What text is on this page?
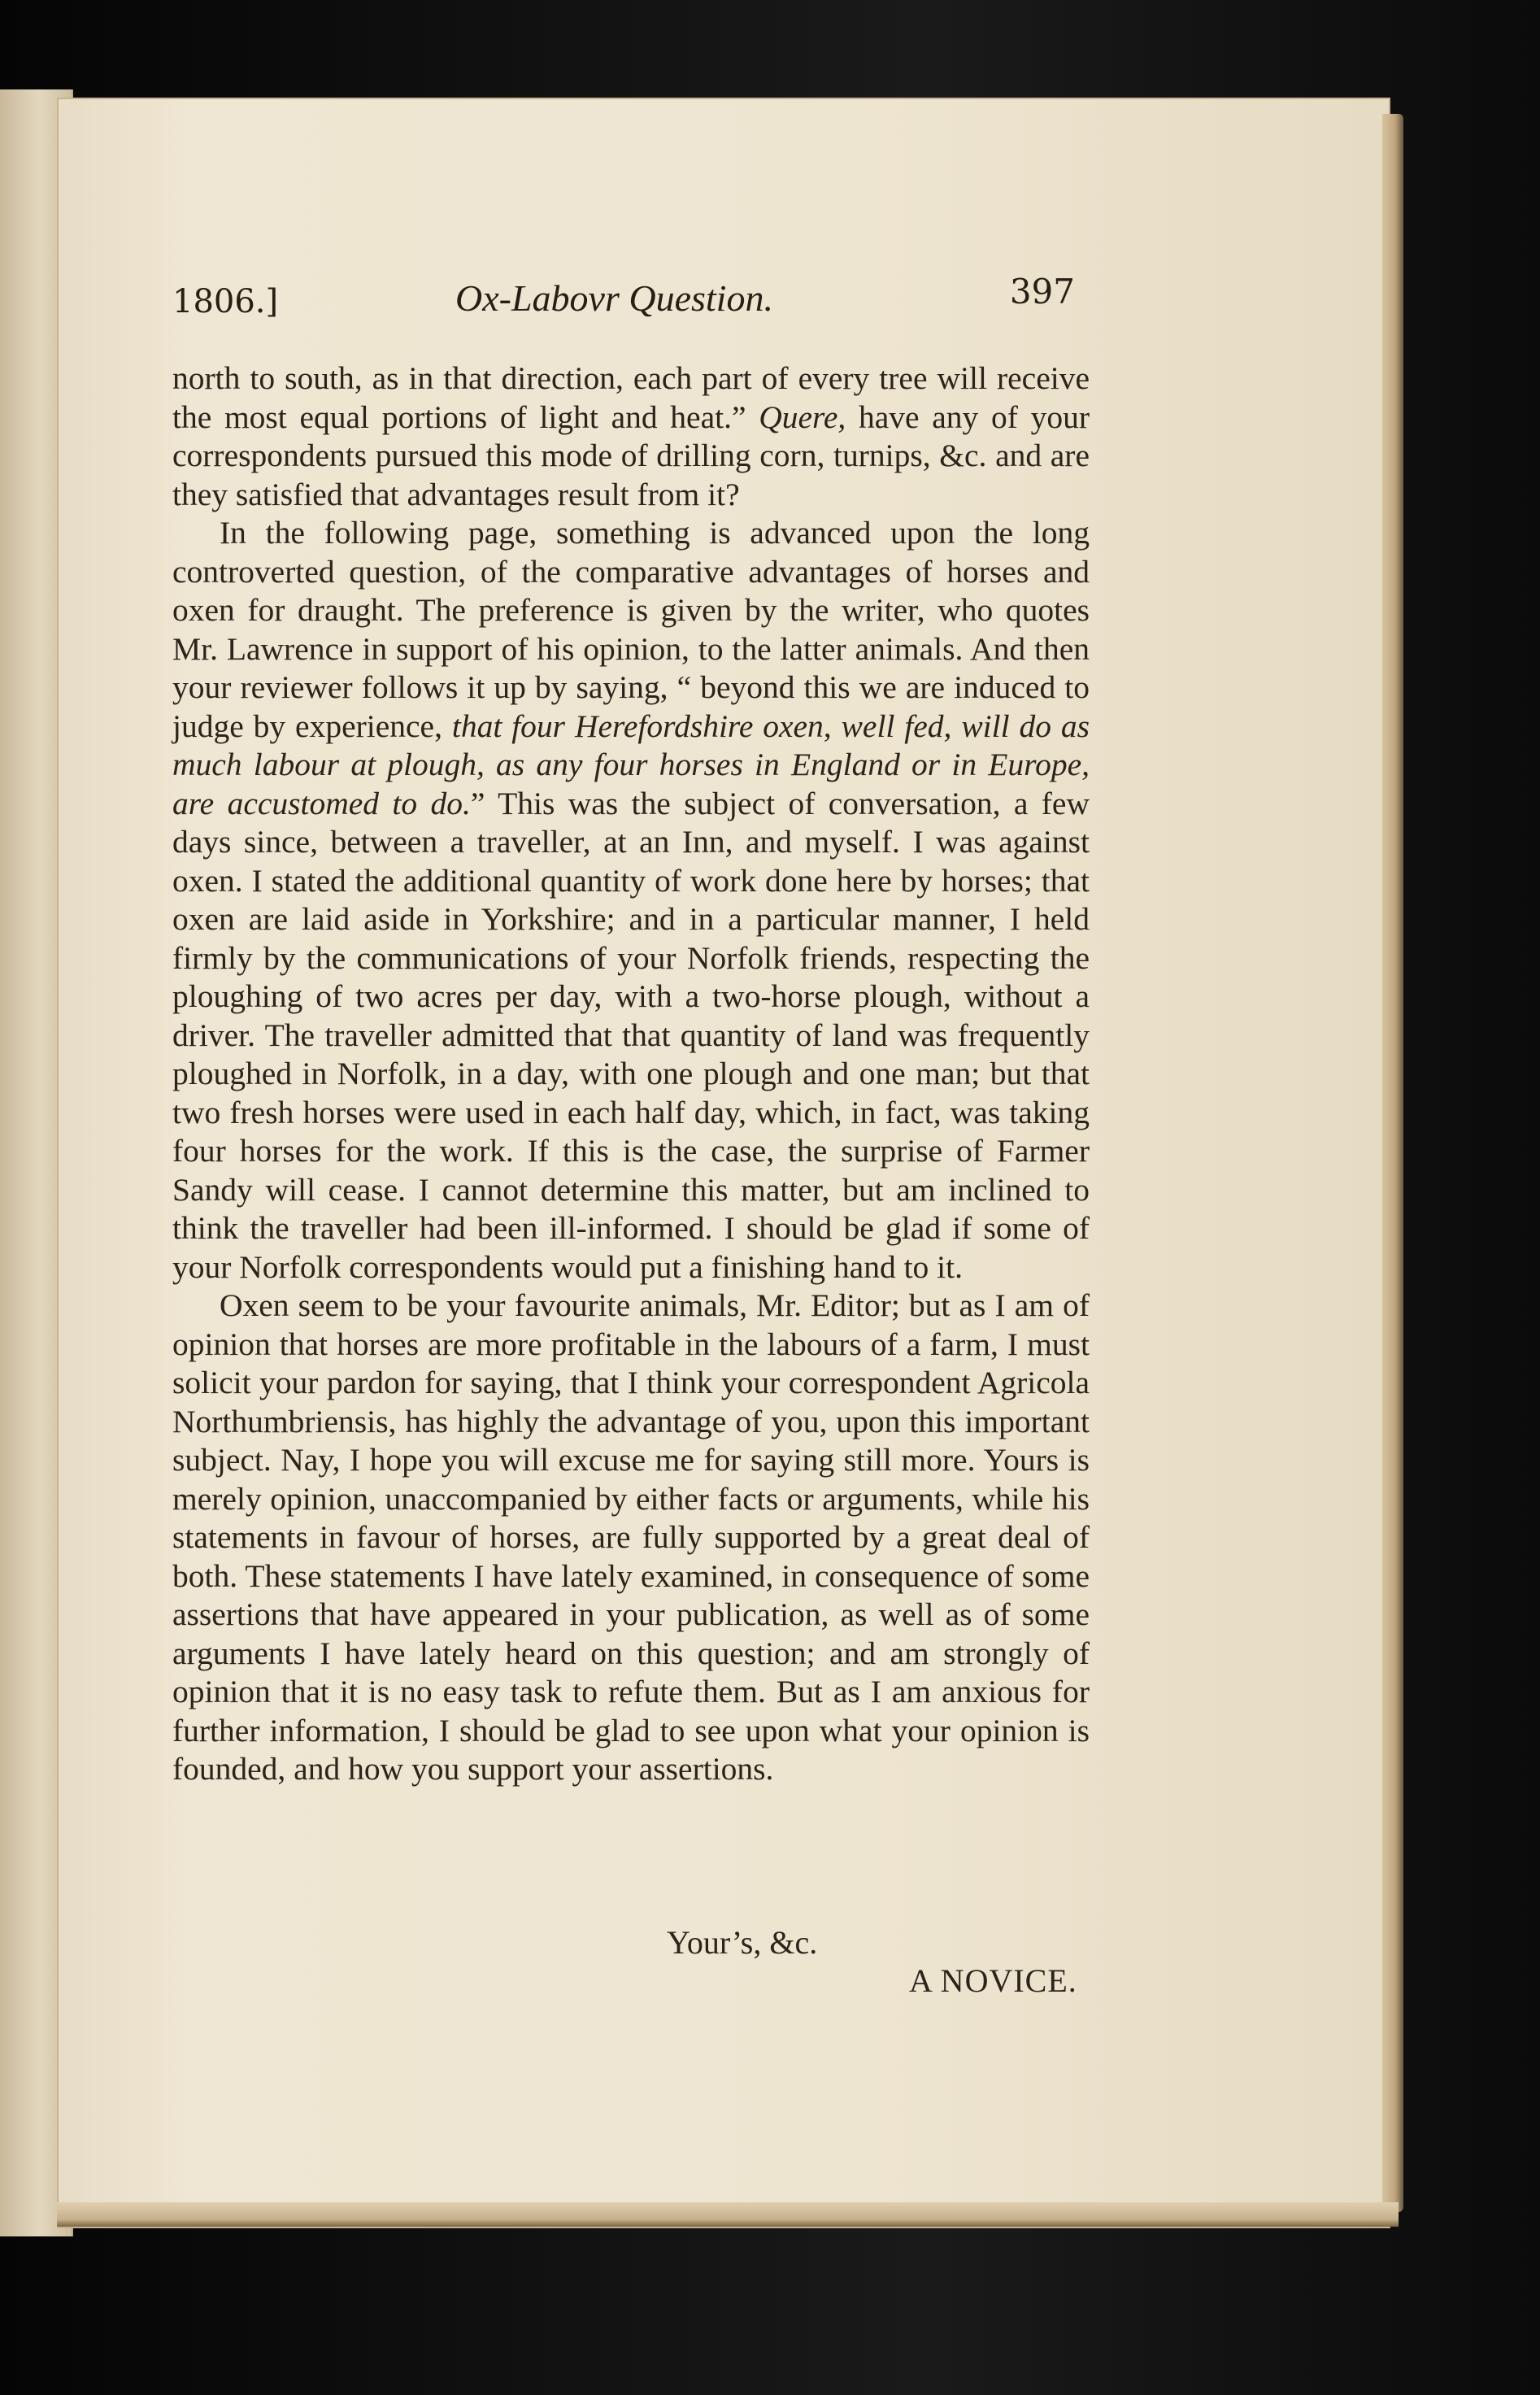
1806.]	Ox-Labovr Question.	397

north to south, as in that direction, each part of every tree will receive the most equal portions of light and heat.” Quere, have any of your correspondents pursued this mode of drilling corn, turnips, &c. and are they satisfied that advantages result from it?

In the following page, something is advanced upon the long controverted question, of the comparative advantages of horses and oxen for draught. The preference is given by the writer, who quotes Mr. Lawrence in support of his opinion, to the latter animals. And then your reviewer follows it up by saying, “ beyond this we are induced to judge by experience, that four Herefordshire oxen, well fed, will do as much labour at plough, as any four horses in England or in Europe, are accustomed to do.” This was the subject of conversation, a few days since, between a traveller, at an Inn, and myself. I was against oxen. I stated the additional quantity of work done here by horses; that oxen are laid aside in Yorkshire; and in a particular manner, I held firmly by the communications of your Norfolk friends, respecting the ploughing of two acres per day, with a two-horse plough, without a driver. The traveller admitted that that quantity of land was frequently ploughed in Norfolk, in a day, with one plough and one man; but that two fresh horses were used in each half day, which, in fact, was taking four horses for the work. If this is the case, the surprise of Farmer Sandy will cease. I cannot determine this matter, but am inclined to think the traveller had been ill-informed. I should be glad if some of your Norfolk correspondents would put a finishing hand to it.

Oxen seem to be your favourite animals, Mr. Editor; but as I am of opinion that horses are more profitable in the labours of a farm, I must solicit your pardon for saying, that I think your correspondent Agricola Northumbriensis, has highly the advantage of you, upon this important subject. Nay, I hope you will excuse me for saying still more. Yours is merely opinion, unaccompanied by either facts or arguments, while his statements in favour of horses, are fully supported by a great deal of both. These statements I have lately examined, in consequence of some assertions that have appeared in your publication, as well as of some arguments I have lately heard on this question; and am strongly of opinion that it is no easy task to refute them. But as I am anxious for further information, I should be glad to see upon what your opinion is founded, and how you support your assertions.

Your’s, &c.
A NOVICE.
